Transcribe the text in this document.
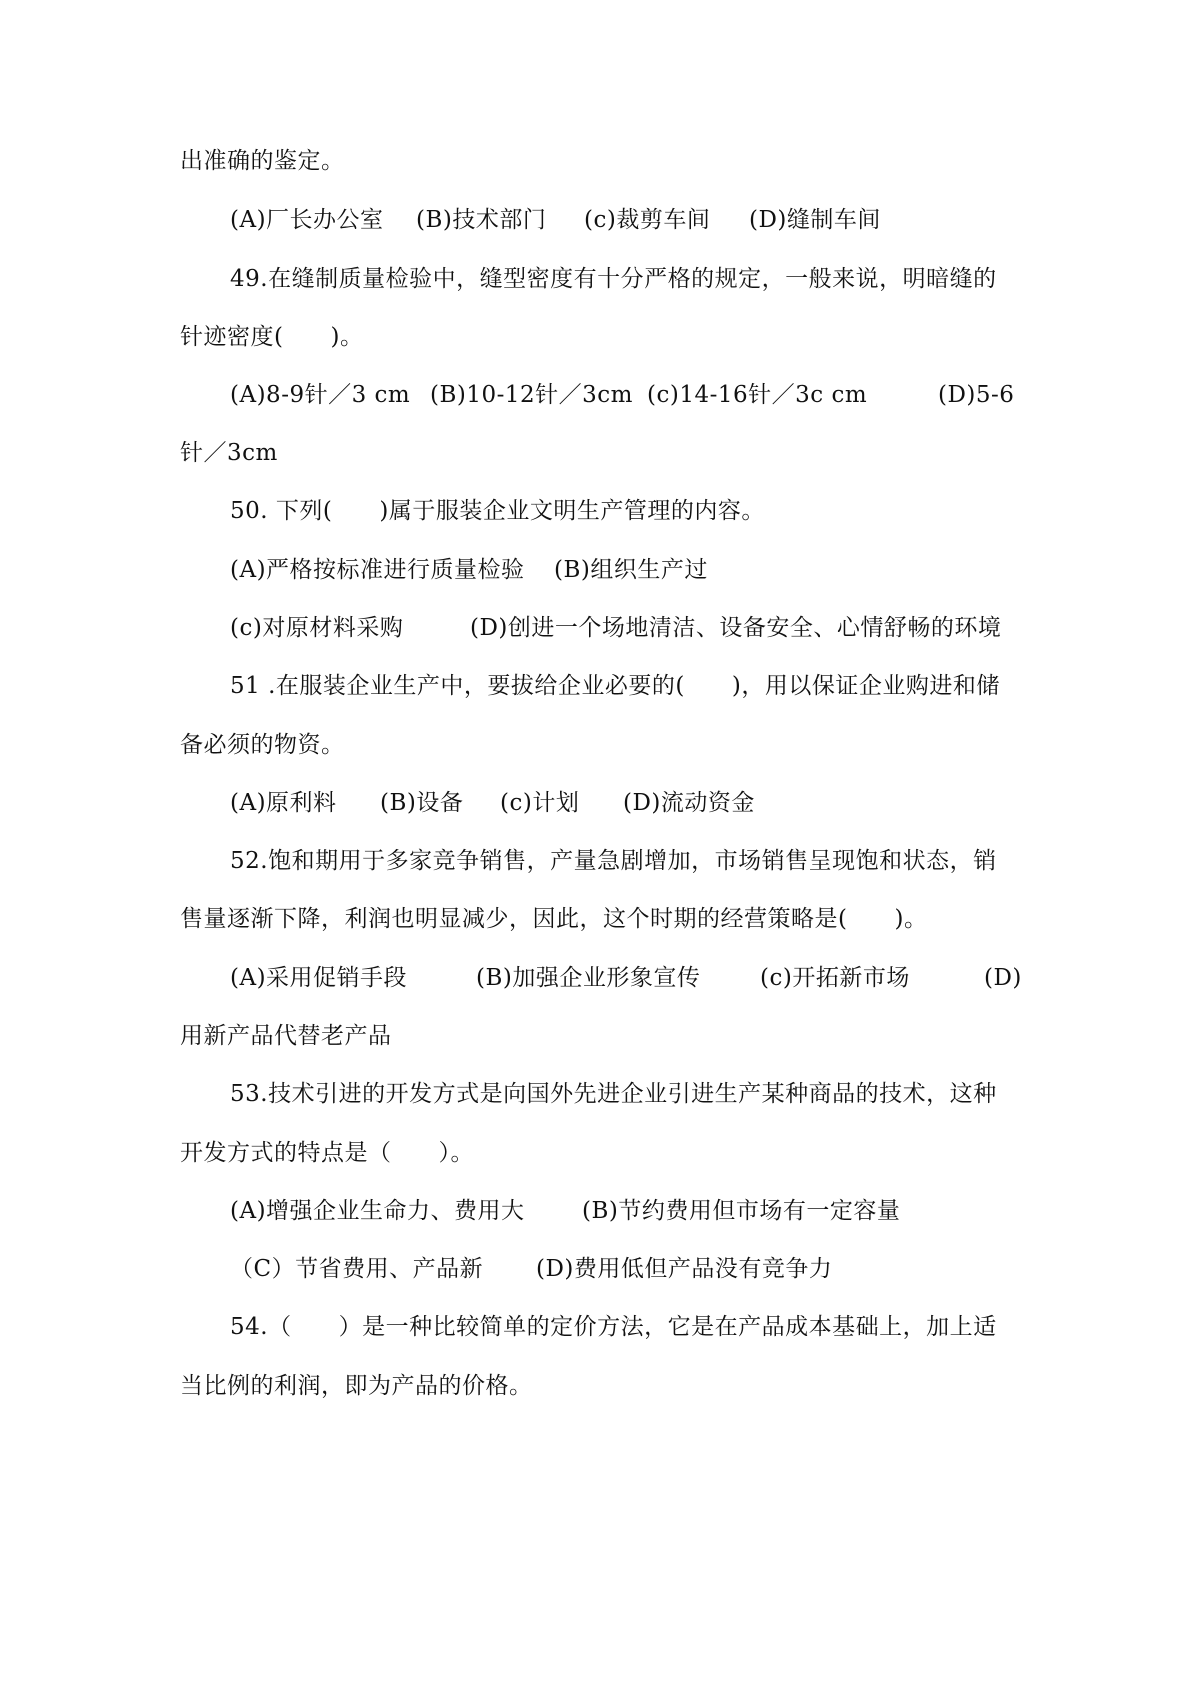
出准确的鉴定。
(A)厂长办公室 (B)技术部门 (c)裁剪车间 (D)缝制车间
49.在缝制质量检验中，缝型密度有十分严格的规定，一般来说，明暗缝的
针迹密度(　　)。
(A)8-9针／3 cm (B)10-12针／3cm (c)14-16针／3c cm	(D)5-6
针／3cm
50. 下列(　　)属于服装企业文明生产管理的内容。
(A)严格按标准进行质量检验 (B)组织生产过
(c)对原材料采购	(D)创进一个场地清洁、设备安全、心情舒畅的环境
51 .在服装企业生产中，要拔给企业必要的(　　)，用以保证企业购进和储
备必须的物资。
(A)原利料 (B)设备 (c)计划 (D)流动资金
52.饱和期用于多家竞争销售，产量急剧增加，市场销售呈现饱和状态，销
售量逐渐下降，利润也明显减少，因此，这个时期的经营策略是(　　)。
(A)采用促销手段	(B)加强企业形象宣传	(c)开拓新市场	(D)
用新产品代替老产品
53.技术引进的开发方式是向国外先进企业引进生产某种商品的技术，这种
开发方式的特点是（　　）。
(A)增强企业生命力、费用大 (B)节约费用但市场有一定容量
（C）节省费用、产品新 (D)费用低但产品没有竞争力
54.（　　）是一种比较简单的定价方法，它是在产品成本基础上，加上适
当比例的利润，即为产品的价格。
